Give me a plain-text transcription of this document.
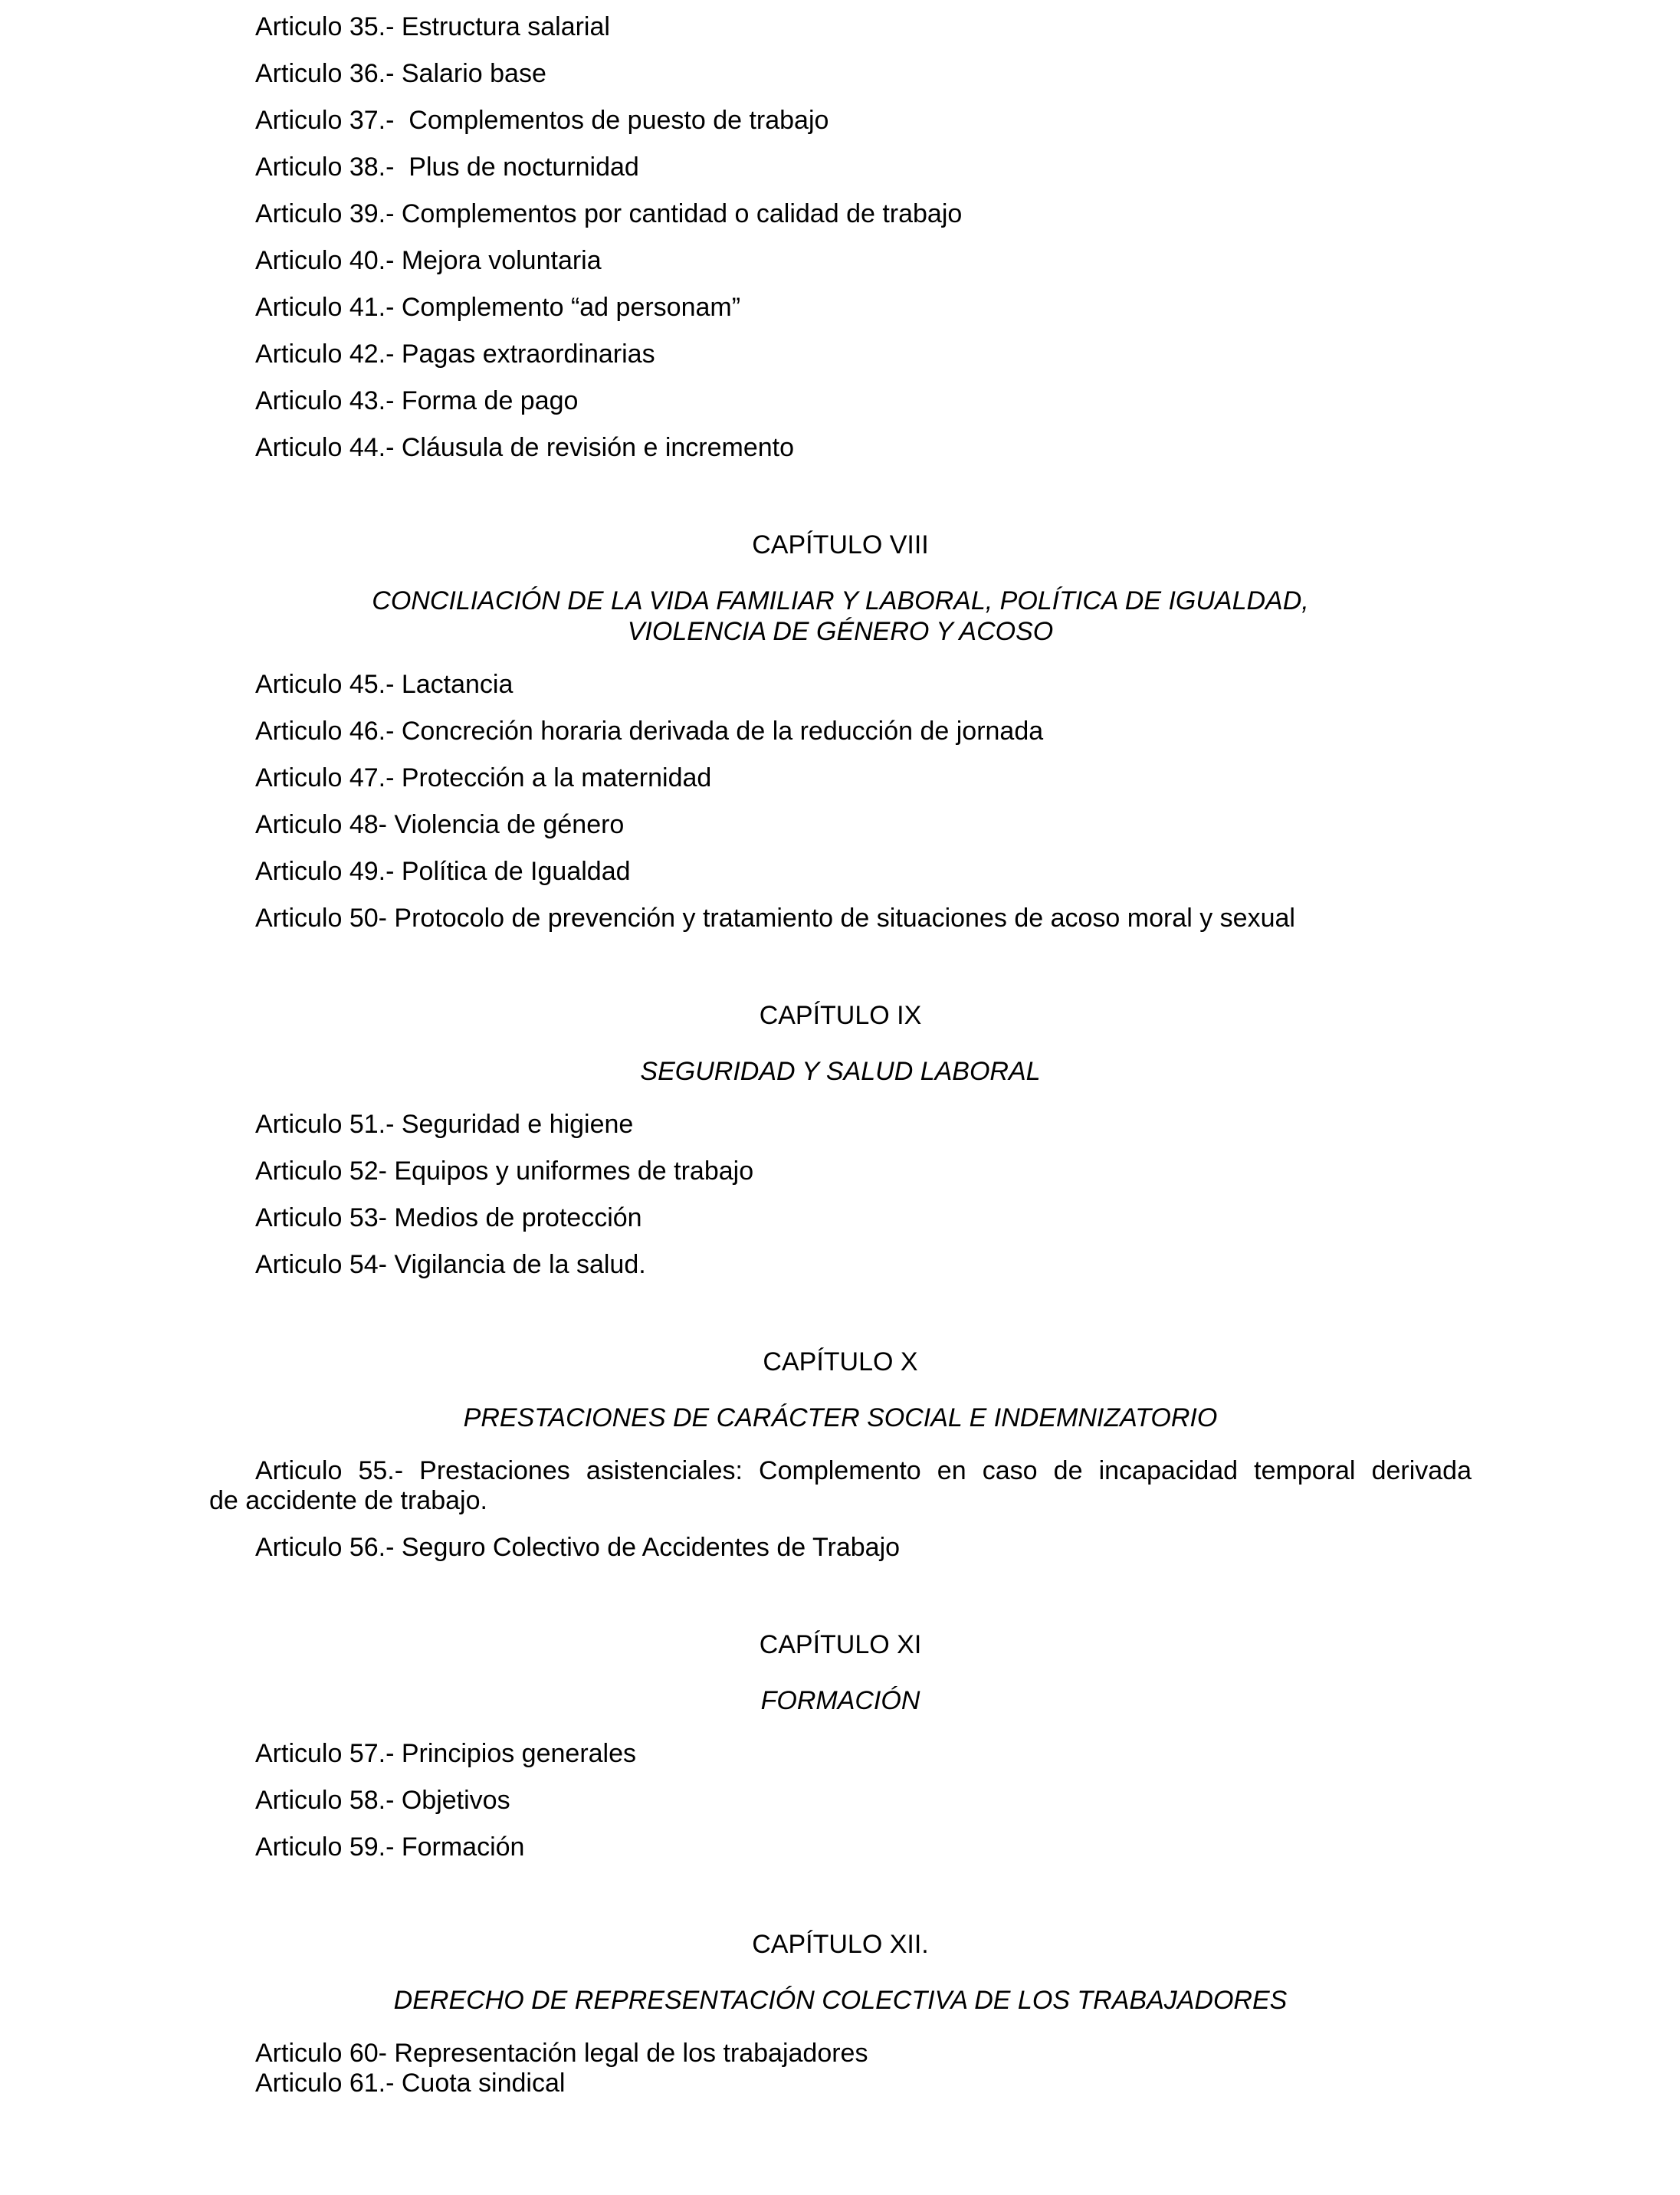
Articulo 35.- Estructura salarial

Articulo 36.- Salario base

Articulo 37.-  Complementos de puesto de trabajo

Articulo 38.-  Plus de nocturnidad

Articulo 39.- Complementos por cantidad o calidad de trabajo

Articulo 40.- Mejora voluntaria

Articulo 41.- Complemento “ad personam”

Articulo 42.- Pagas extraordinarias

Articulo 43.- Forma de pago

Articulo 44.- Cláusula de revisión e incremento

CAPÍTULO VIII

CONCILIACIÓN DE LA VIDA FAMILIAR Y LABORAL, POLÍTICA DE IGUALDAD,
VIOLENCIA DE GÉNERO Y ACOSO

Articulo 45.- Lactancia

Articulo 46.- Concreción horaria derivada de la reducción de jornada

Articulo 47.- Protección a la maternidad

Articulo 48- Violencia de género

Articulo 49.- Política de Igualdad

Articulo 50- Protocolo de prevención y tratamiento de situaciones de acoso moral y sexual

CAPÍTULO IX

SEGURIDAD Y SALUD LABORAL

Articulo 51.- Seguridad e higiene

Articulo 52- Equipos y uniformes de trabajo

Articulo 53- Medios de protección

Articulo 54- Vigilancia de la salud.

CAPÍTULO X

PRESTACIONES DE CARÁCTER SOCIAL E INDEMNIZATORIO

Articulo 55.- Prestaciones asistenciales: Complemento en caso de incapacidad temporal derivada
de accidente de trabajo.

Articulo 56.- Seguro Colectivo de Accidentes de Trabajo

CAPÍTULO XI

FORMACIÓN

Articulo 57.- Principios generales

Articulo 58.- Objetivos

Articulo 59.- Formación

CAPÍTULO XII.

DERECHO DE REPRESENTACIÓN COLECTIVA DE LOS TRABAJADORES

Articulo 60- Representación legal de los trabajadores

Articulo 61.- Cuota sindical
